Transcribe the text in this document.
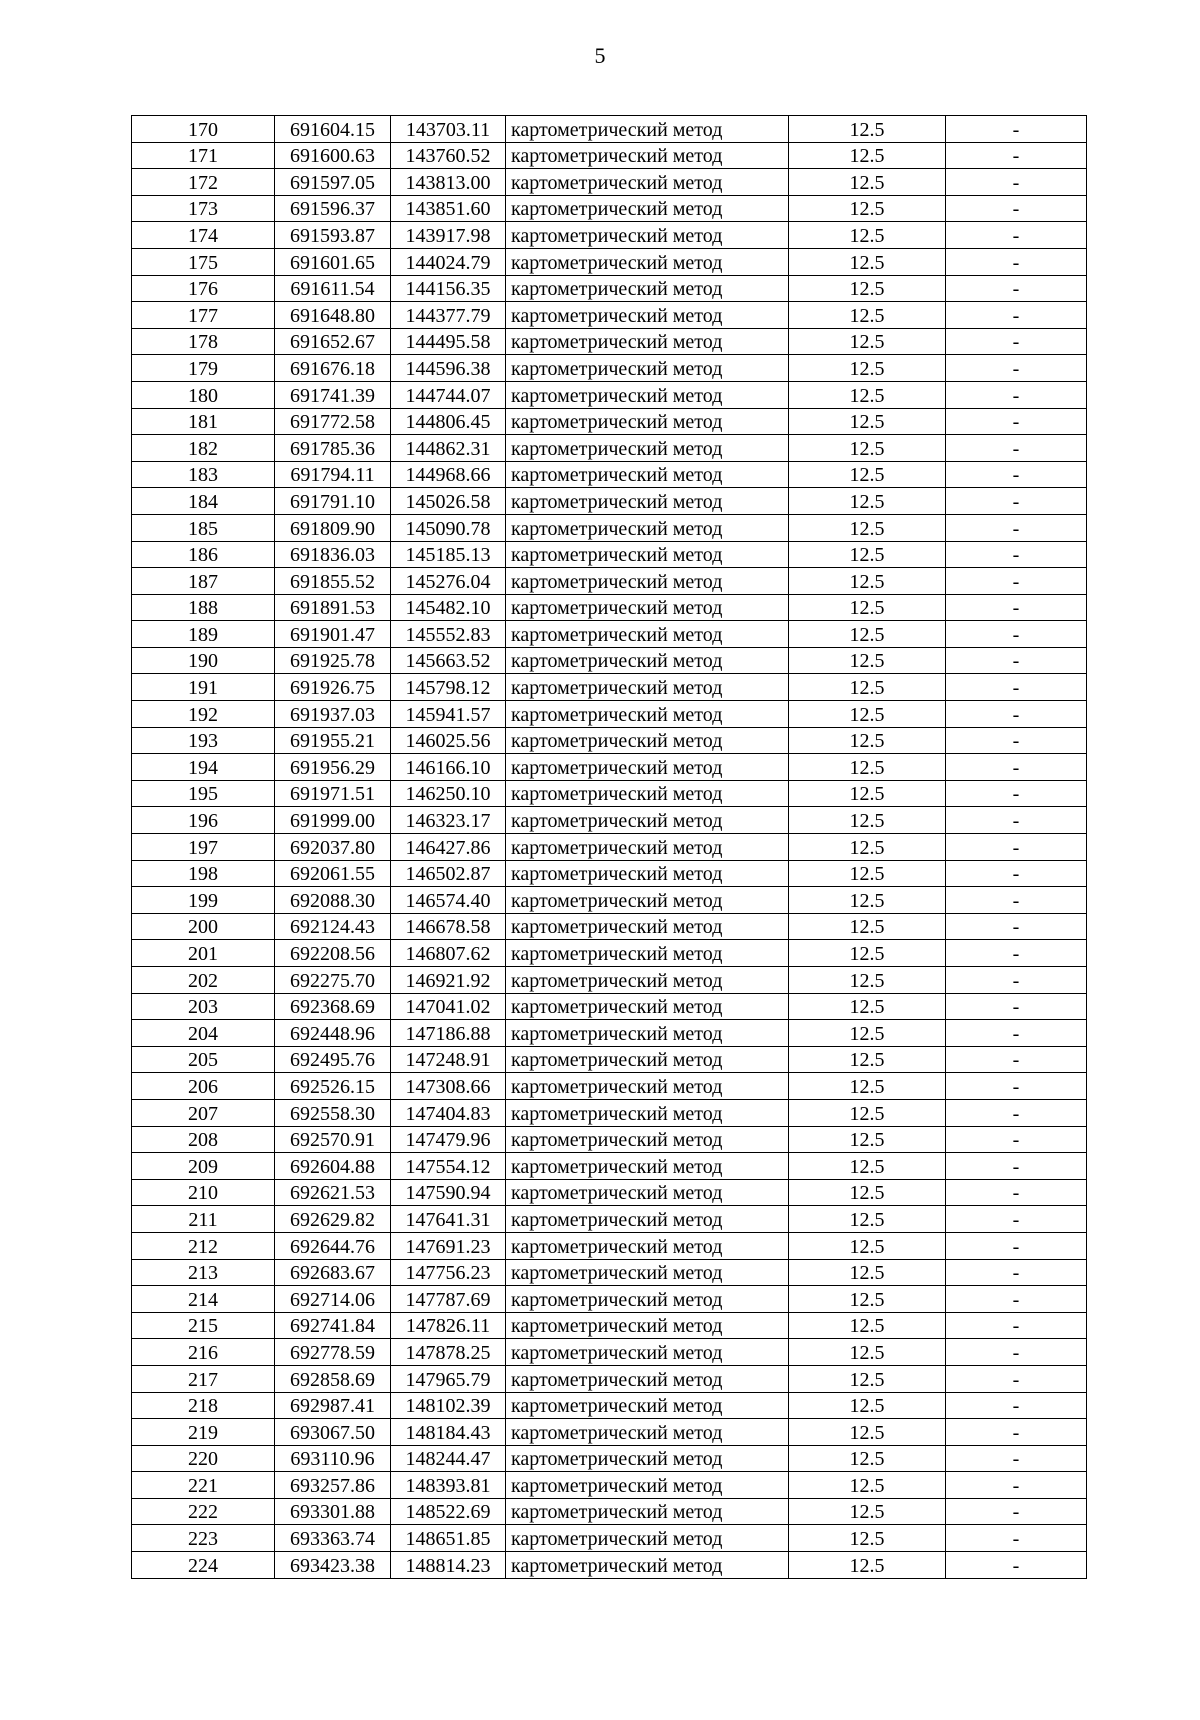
5
170	691604.15	143703.11	картометрический метод	12.5	-
171	691600.63	143760.52	картометрический метод	12.5	-
172	691597.05	143813.00	картометрический метод	12.5	-
173	691596.37	143851.60	картометрический метод	12.5	-
174	691593.87	143917.98	картометрический метод	12.5	-
175	691601.65	144024.79	картометрический метод	12.5	-
176	691611.54	144156.35	картометрический метод	12.5	-
177	691648.80	144377.79	картометрический метод	12.5	-
178	691652.67	144495.58	картометрический метод	12.5	-
179	691676.18	144596.38	картометрический метод	12.5	-
180	691741.39	144744.07	картометрический метод	12.5	-
181	691772.58	144806.45	картометрический метод	12.5	-
182	691785.36	144862.31	картометрический метод	12.5	-
183	691794.11	144968.66	картометрический метод	12.5	-
184	691791.10	145026.58	картометрический метод	12.5	-
185	691809.90	145090.78	картометрический метод	12.5	-
186	691836.03	145185.13	картометрический метод	12.5	-
187	691855.52	145276.04	картометрический метод	12.5	-
188	691891.53	145482.10	картометрический метод	12.5	-
189	691901.47	145552.83	картометрический метод	12.5	-
190	691925.78	145663.52	картометрический метод	12.5	-
191	691926.75	145798.12	картометрический метод	12.5	-
192	691937.03	145941.57	картометрический метод	12.5	-
193	691955.21	146025.56	картометрический метод	12.5	-
194	691956.29	146166.10	картометрический метод	12.5	-
195	691971.51	146250.10	картометрический метод	12.5	-
196	691999.00	146323.17	картометрический метод	12.5	-
197	692037.80	146427.86	картометрический метод	12.5	-
198	692061.55	146502.87	картометрический метод	12.5	-
199	692088.30	146574.40	картометрический метод	12.5	-
200	692124.43	146678.58	картометрический метод	12.5	-
201	692208.56	146807.62	картометрический метод	12.5	-
202	692275.70	146921.92	картометрический метод	12.5	-
203	692368.69	147041.02	картометрический метод	12.5	-
204	692448.96	147186.88	картометрический метод	12.5	-
205	692495.76	147248.91	картометрический метод	12.5	-
206	692526.15	147308.66	картометрический метод	12.5	-
207	692558.30	147404.83	картометрический метод	12.5	-
208	692570.91	147479.96	картометрический метод	12.5	-
209	692604.88	147554.12	картометрический метод	12.5	-
210	692621.53	147590.94	картометрический метод	12.5	-
211	692629.82	147641.31	картометрический метод	12.5	-
212	692644.76	147691.23	картометрический метод	12.5	-
213	692683.67	147756.23	картометрический метод	12.5	-
214	692714.06	147787.69	картометрический метод	12.5	-
215	692741.84	147826.11	картометрический метод	12.5	-
216	692778.59	147878.25	картометрический метод	12.5	-
217	692858.69	147965.79	картометрический метод	12.5	-
218	692987.41	148102.39	картометрический метод	12.5	-
219	693067.50	148184.43	картометрический метод	12.5	-
220	693110.96	148244.47	картометрический метод	12.5	-
221	693257.86	148393.81	картометрический метод	12.5	-
222	693301.88	148522.69	картометрический метод	12.5	-
223	693363.74	148651.85	картометрический метод	12.5	-
224	693423.38	148814.23	картометрический метод	12.5	-
